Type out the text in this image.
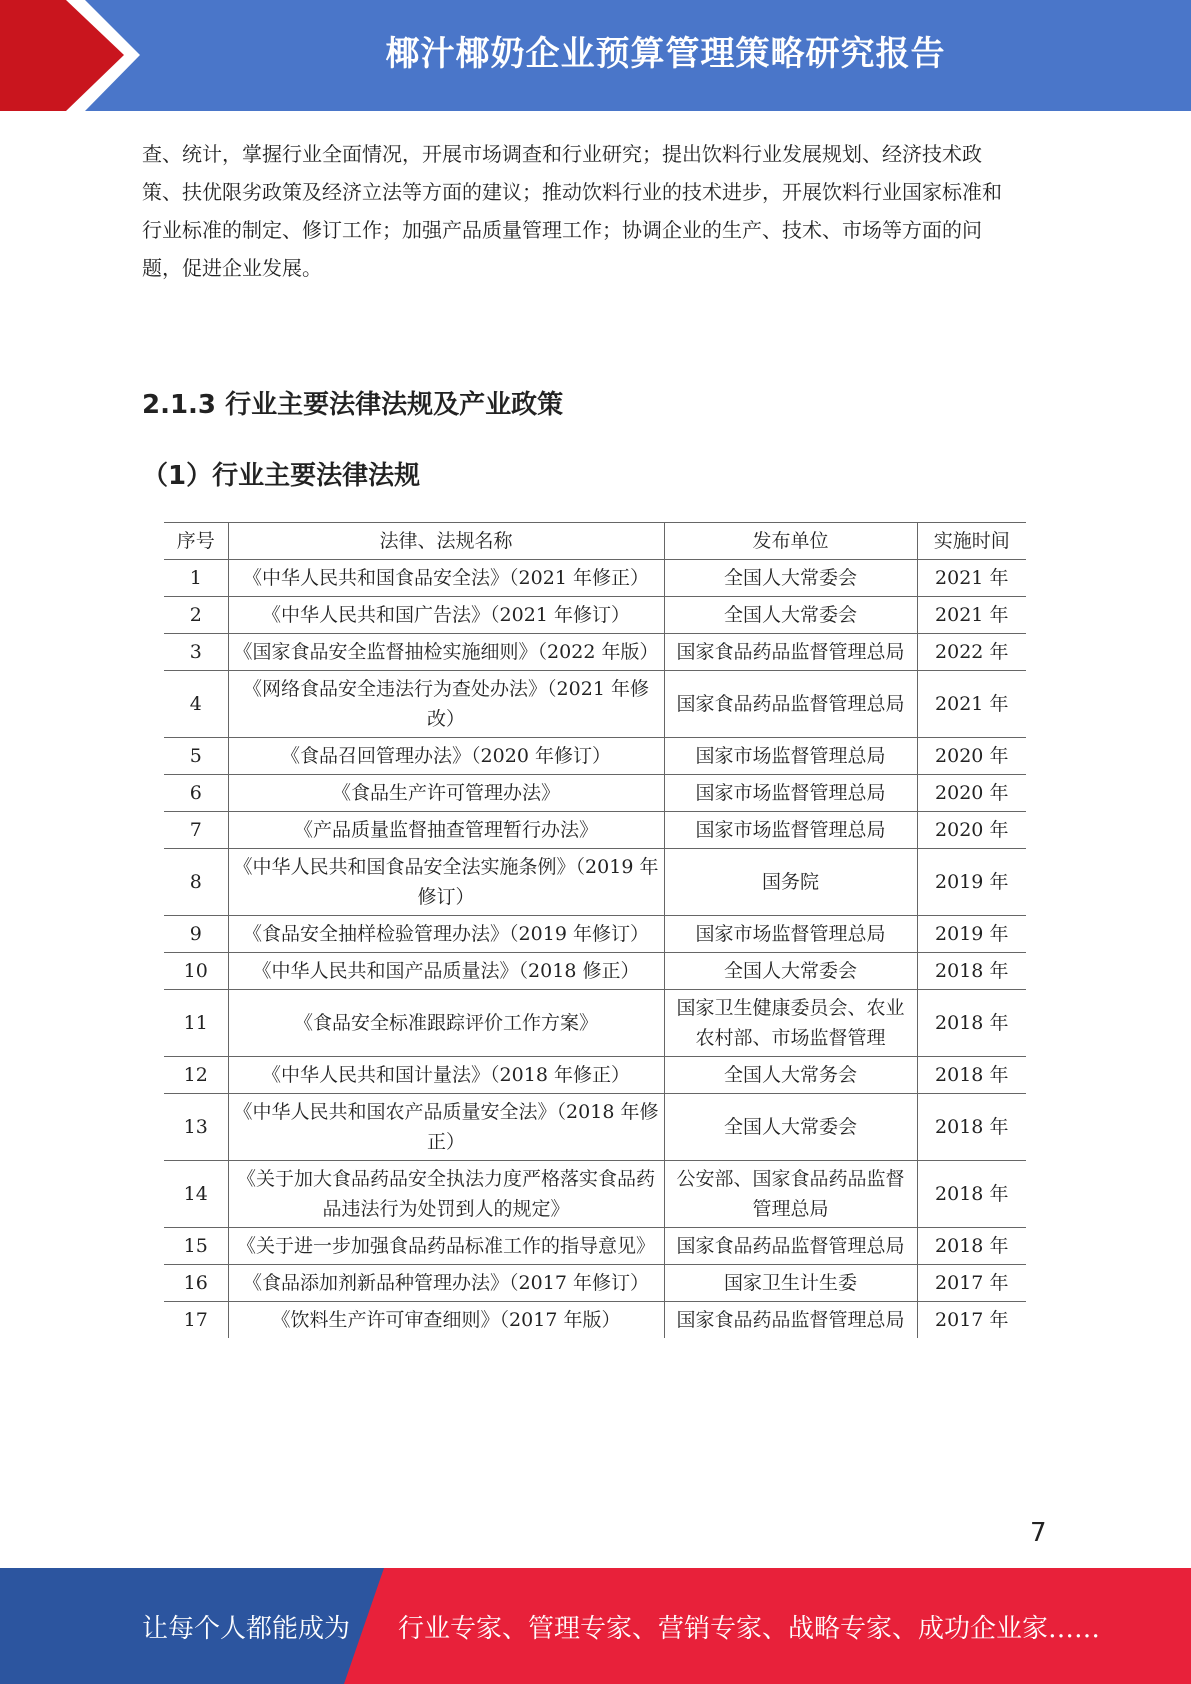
椰汁椰奶企业预算管理策略研究报告

查、统计，掌握行业全面情况，开展市场调查和行业研究；提出饮料行业发展规划、经济技术政

策、扶优限劣政策及经济立法等方面的建议；推动饮料行业的技术进步，开展饮料行业国家标准和

行业标准的制定、修订工作；加强产品质量管理工作；协调企业的生产、技术、市场等方面的问

题，促进企业发展。

2.1.3 行业主要法律法规及产业政策
（1）行业主要法律法规
序号	法律、法规名称	发布单位	实施时间
1	《中华人民共和国食品安全法》（2021 年修正）	全国人大常委会	2021 年
2	《中华人民共和国广告法》（2021 年修订）	全国人大常委会	2021 年
3	《国家食品安全监督抽检实施细则》（2022 年版）	国家食品药品监督管理总局	2022 年
4	《网络食品安全违法行为查处办法》（2021 年修改）	国家食品药品监督管理总局	2021 年
5	《食品召回管理办法》（2020 年修订）	国家市场监督管理总局	2020 年
6	《食品生产许可管理办法》	国家市场监督管理总局	2020 年
7	《产品质量监督抽查管理暂行办法》	国家市场监督管理总局	2020 年
8	《中华人民共和国食品安全法实施条例》（2019 年修订）	国务院	2019 年
9	《食品安全抽样检验管理办法》（2019 年修订）	国家市场监督管理总局	2019 年
10	《中华人民共和国产品质量法》（2018 修正）	全国人大常委会	2018 年
11	《食品安全标准跟踪评价工作方案》	国家卫生健康委员会、农业农村部、市场监督管理	2018 年
12	《中华人民共和国计量法》（2018 年修正）	全国人大常务会	2018 年
13	《中华人民共和国农产品质量安全法》（2018 年修正）	全国人大常委会	2018 年
14	《关于加大食品药品安全执法力度严格落实食品药品违法行为处罚到人的规定》	公安部、国家食品药品监督管理总局	2018 年
15	《关于进一步加强食品药品标准工作的指导意见》	国家食品药品监督管理总局	2018 年
16	《食品添加剂新品种管理办法》（2017 年修订）	国家卫生计生委	2017 年
17	《饮料生产许可审查细则》（2017 年版）	国家食品药品监督管理总局	2017 年
7
让每个人都能成为 行业专家、管理专家、营销专家、战略专家、成功企业家……
